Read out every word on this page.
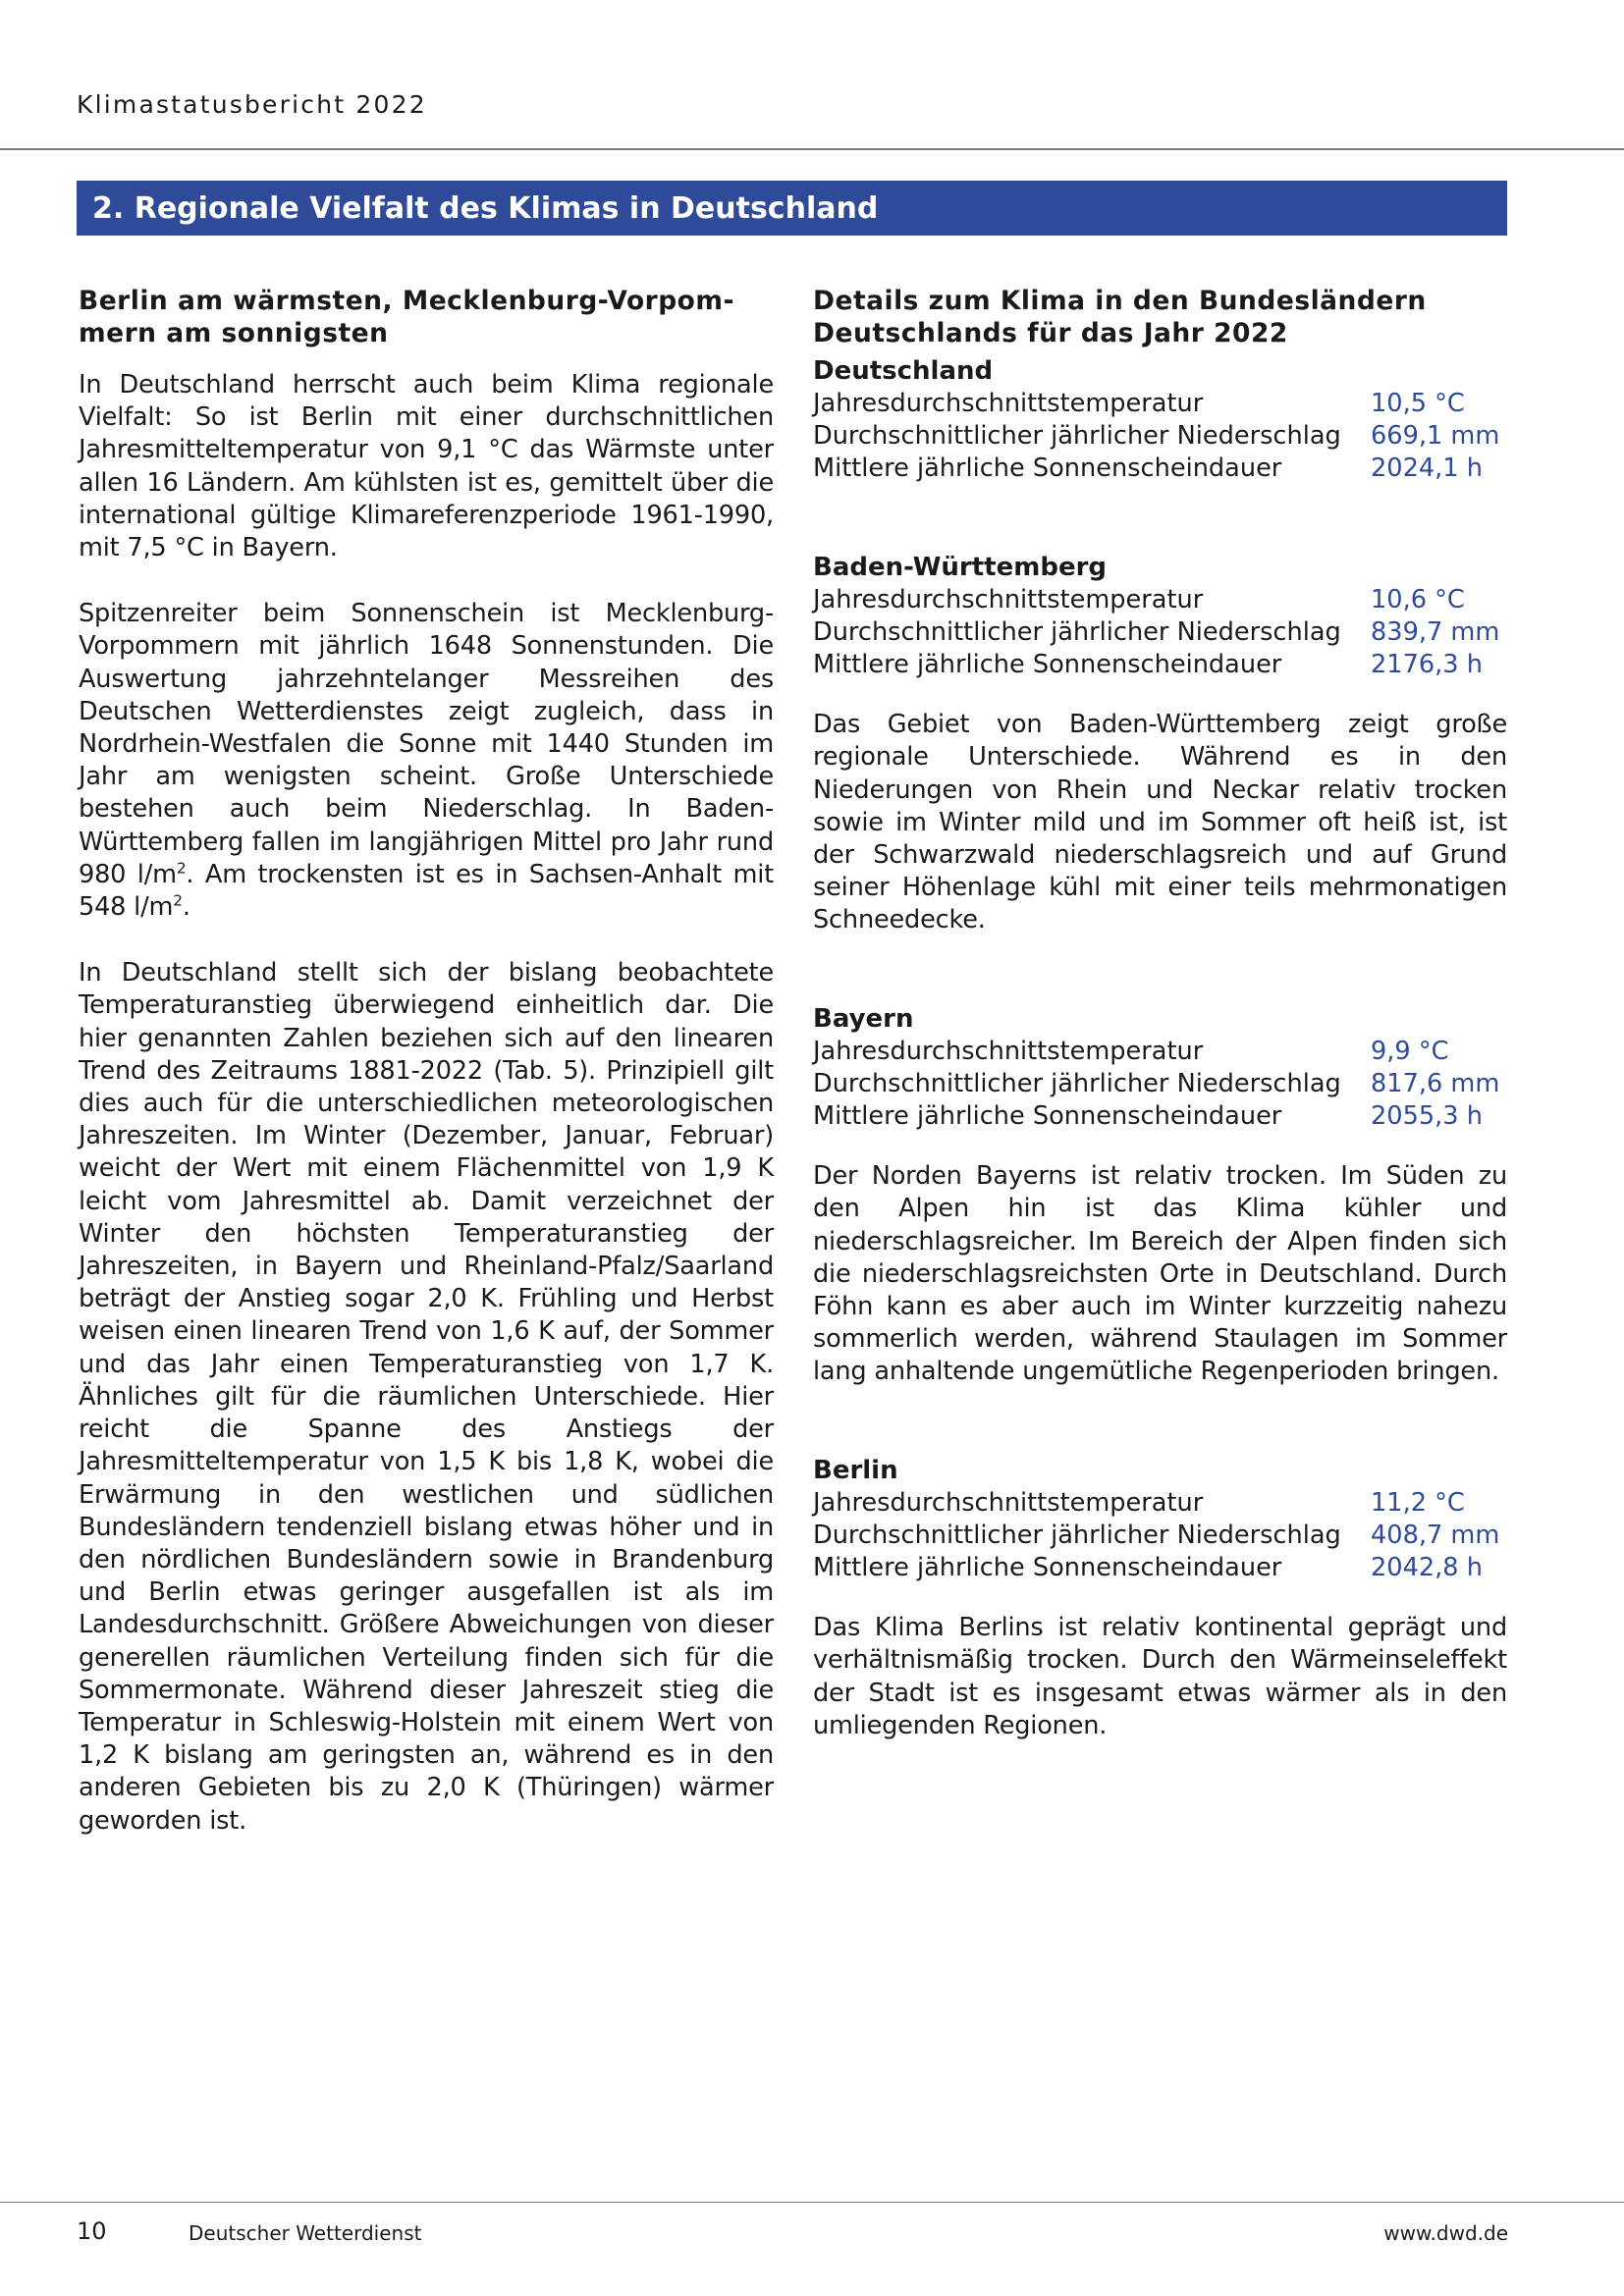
Klimastatusbericht 2022
2. Regionale Vielfalt des Klimas in Deutschland
Berlin am wärmsten, Mecklenburg-Vorpom-
mern am sonnigsten

In Deutschland herrscht auch beim Klima regionale Vielfalt: So ist Berlin mit einer durchschnittlichen Jahresmitteltemperatur von 9,1 °C das Wärmste unter allen 16 Ländern. Am kühlsten ist es, gemittelt über die international gültige Klimareferenzperiode 1961-1990, mit 7,5 °C in Bayern.

Spitzenreiter beim Sonnenschein ist Mecklenburg-Vorpommern mit jährlich 1648 Sonnenstunden. Die Auswertung jahrzehntelanger Messreihen des Deutschen Wetterdienstes zeigt zugleich, dass in Nordrhein-Westfalen die Sonne mit 1440 Stunden im Jahr am wenigsten scheint. Große Unterschiede bestehen auch beim Niederschlag. In Baden-Württemberg fallen im langjährigen Mittel pro Jahr rund 980 $l/m^2$. Am trockensten ist es in Sachsen-Anhalt mit 548 $l/m^2$.

In Deutschland stellt sich der bislang beobachtete Temperaturanstieg überwiegend einheitlich dar. Die hier genannten Zahlen beziehen sich auf den linearen Trend des Zeitraums 1881-2022 (Tab. 5). Prinzipiell gilt dies auch für die unterschiedlichen meteorologischen Jahreszeiten. Im Winter (Dezember, Januar, Februar) weicht der Wert mit einem Flächenmittel von 1,9 K leicht vom Jahresmittel ab. Damit verzeichnet der Winter den höchsten Temperaturanstieg der Jahreszeiten, in Bayern und Rheinland-Pfalz/Saarland beträgt der Anstieg sogar 2,0 K. Frühling und Herbst weisen einen linearen Trend von 1,6 K auf, der Sommer und das Jahr einen Temperaturanstieg von 1,7 K. Ähnliches gilt für die räumlichen Unterschiede. Hier reicht die Spanne des Anstiegs der Jahresmitteltemperatur von 1,5 K bis 1,8 K, wobei die Erwärmung in den westlichen und südlichen Bundesländern tendenziell bislang etwas höher und in den nördlichen Bundesländern sowie in Brandenburg und Berlin etwas geringer ausgefallen ist als im Landesdurchschnitt. Größere Abweichungen von dieser generellen räumlichen Verteilung finden sich für die Sommermonate. Während dieser Jahreszeit stieg die Temperatur in Schleswig-Holstein mit einem Wert von 1,2 K bislang am geringsten an, während es in den anderen Gebieten bis zu 2,0 K (Thüringen) wärmer geworden ist.

Details zum Klima in den Bundesländern
Deutschlands für das Jahr 2022
Deutschland
Jahresdurchschnittstemperatur	10,5 °C
Durchschnittlicher jährlicher Niederschlag	669,1 mm
Mittlere jährliche Sonnenscheindauer	2024,1 h
Baden-Württemberg
Jahresdurchschnittstemperatur	10,6 °C
Durchschnittlicher jährlicher Niederschlag	839,7 mm
Mittlere jährliche Sonnenscheindauer	2176,3 h

Das Gebiet von Baden-Württemberg zeigt große regionale Unterschiede. Während es in den Niederungen von Rhein und Neckar relativ trocken sowie im Winter mild und im Sommer oft heiß ist, ist der Schwarzwald niederschlagsreich und auf Grund seiner Höhenlage kühl mit einer teils mehrmonatigen Schneedecke.

Bayern
Jahresdurchschnittstemperatur	9,9 °C
Durchschnittlicher jährlicher Niederschlag	817,6 mm
Mittlere jährliche Sonnenscheindauer	2055,3 h

Der Norden Bayerns ist relativ trocken. Im Süden zu den Alpen hin ist das Klima kühler und niederschlagsreicher. Im Bereich der Alpen finden sich die niederschlagsreichsten Orte in Deutschland. Durch Föhn kann es aber auch im Winter kurzzeitig nahezu sommerlich werden, während Staulagen im Sommer lang anhaltende ungemütliche Regenperioden bringen.

Berlin
Jahresdurchschnittstemperatur	11,2 °C
Durchschnittlicher jährlicher Niederschlag	408,7 mm
Mittlere jährliche Sonnenscheindauer	2042,8 h

Das Klima Berlins ist relativ kontinental geprägt und verhältnismäßig trocken. Durch den Wärmeinseleffekt der Stadt ist es insgesamt etwas wärmer als in den umliegenden Regionen.

10	Deutscher Wetterdienst	www.dwd.de
